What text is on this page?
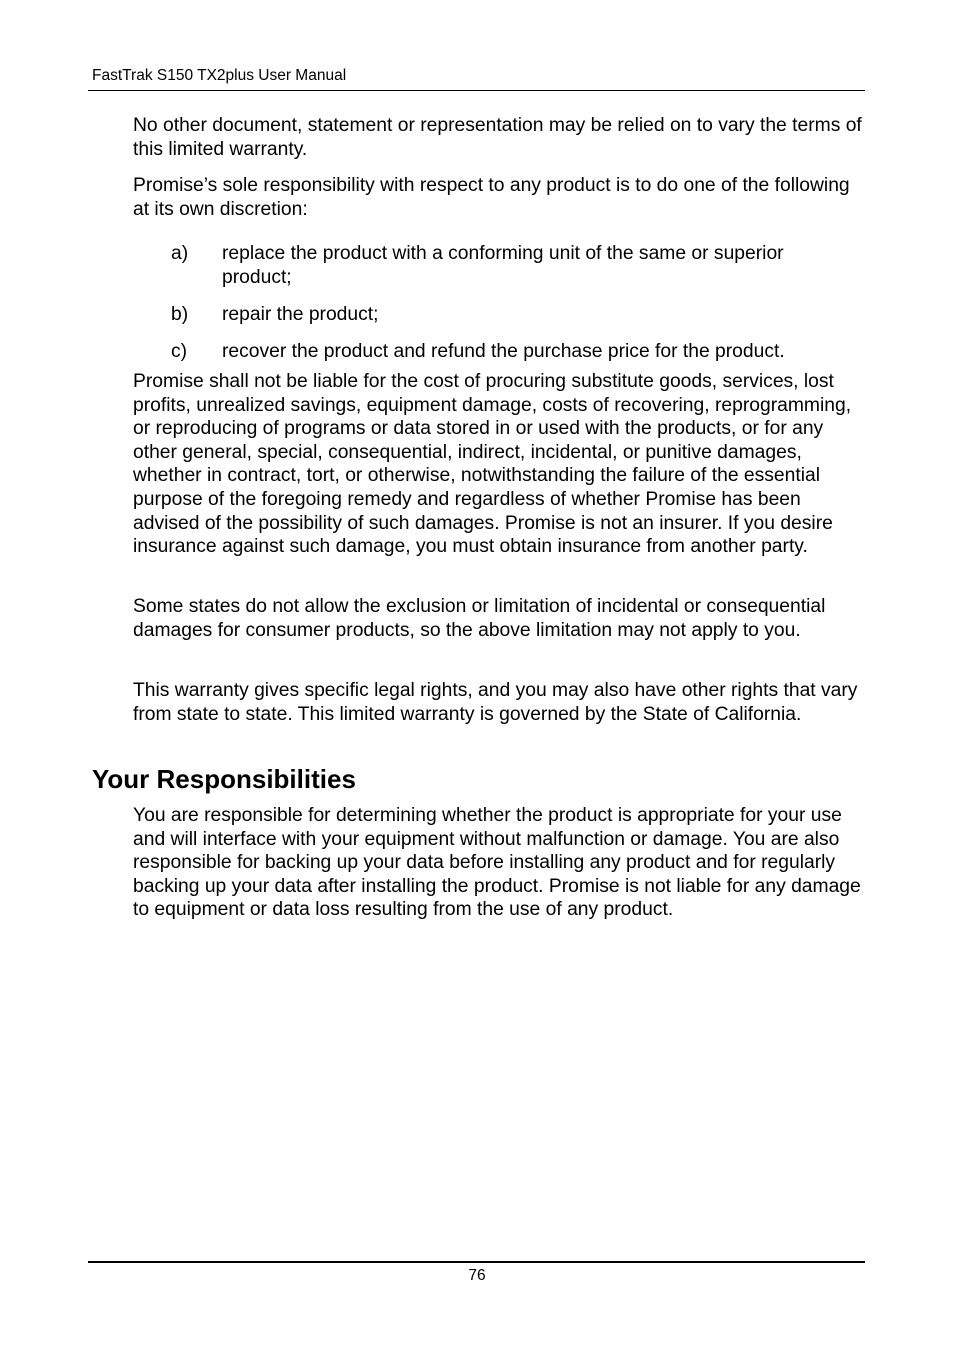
FastTrak S150 TX2plus User Manual

No other document, statement or representation may be relied on to vary the terms of this limited warranty.

Promise’s sole responsibility with respect to any product is to do one of the following at its own discretion:

a) replace the product with a conforming unit of the same or superior product;
b) repair the product;
c) recover the product and refund the purchase price for the product.

Promise shall not be liable for the cost of procuring substitute goods, services, lost profits, unrealized savings, equipment damage, costs of recovering, reprogramming, or reproducing of programs or data stored in or used with the products, or for any other general, special, consequential, indirect, incidental, or punitive damages, whether in contract, tort, or otherwise, notwithstanding the failure of the essential purpose of the foregoing remedy and regardless of whether Promise has been advised of the possibility of such damages. Promise is not an insurer. If you desire insurance against such damage, you must obtain insurance from another party.

Some states do not allow the exclusion or limitation of incidental or consequential damages for consumer products, so the above limitation may not apply to you.

This warranty gives specific legal rights, and you may also have other rights that vary from state to state. This limited warranty is governed by the State of California.

Your Responsibilities

You are responsible for determining whether the product is appropriate for your use and will interface with your equipment without malfunction or damage. You are also responsible for backing up your data before installing any product and for regularly backing up your data after installing the product. Promise is not liable for any damage to equipment or data loss resulting from the use of any product.

76
